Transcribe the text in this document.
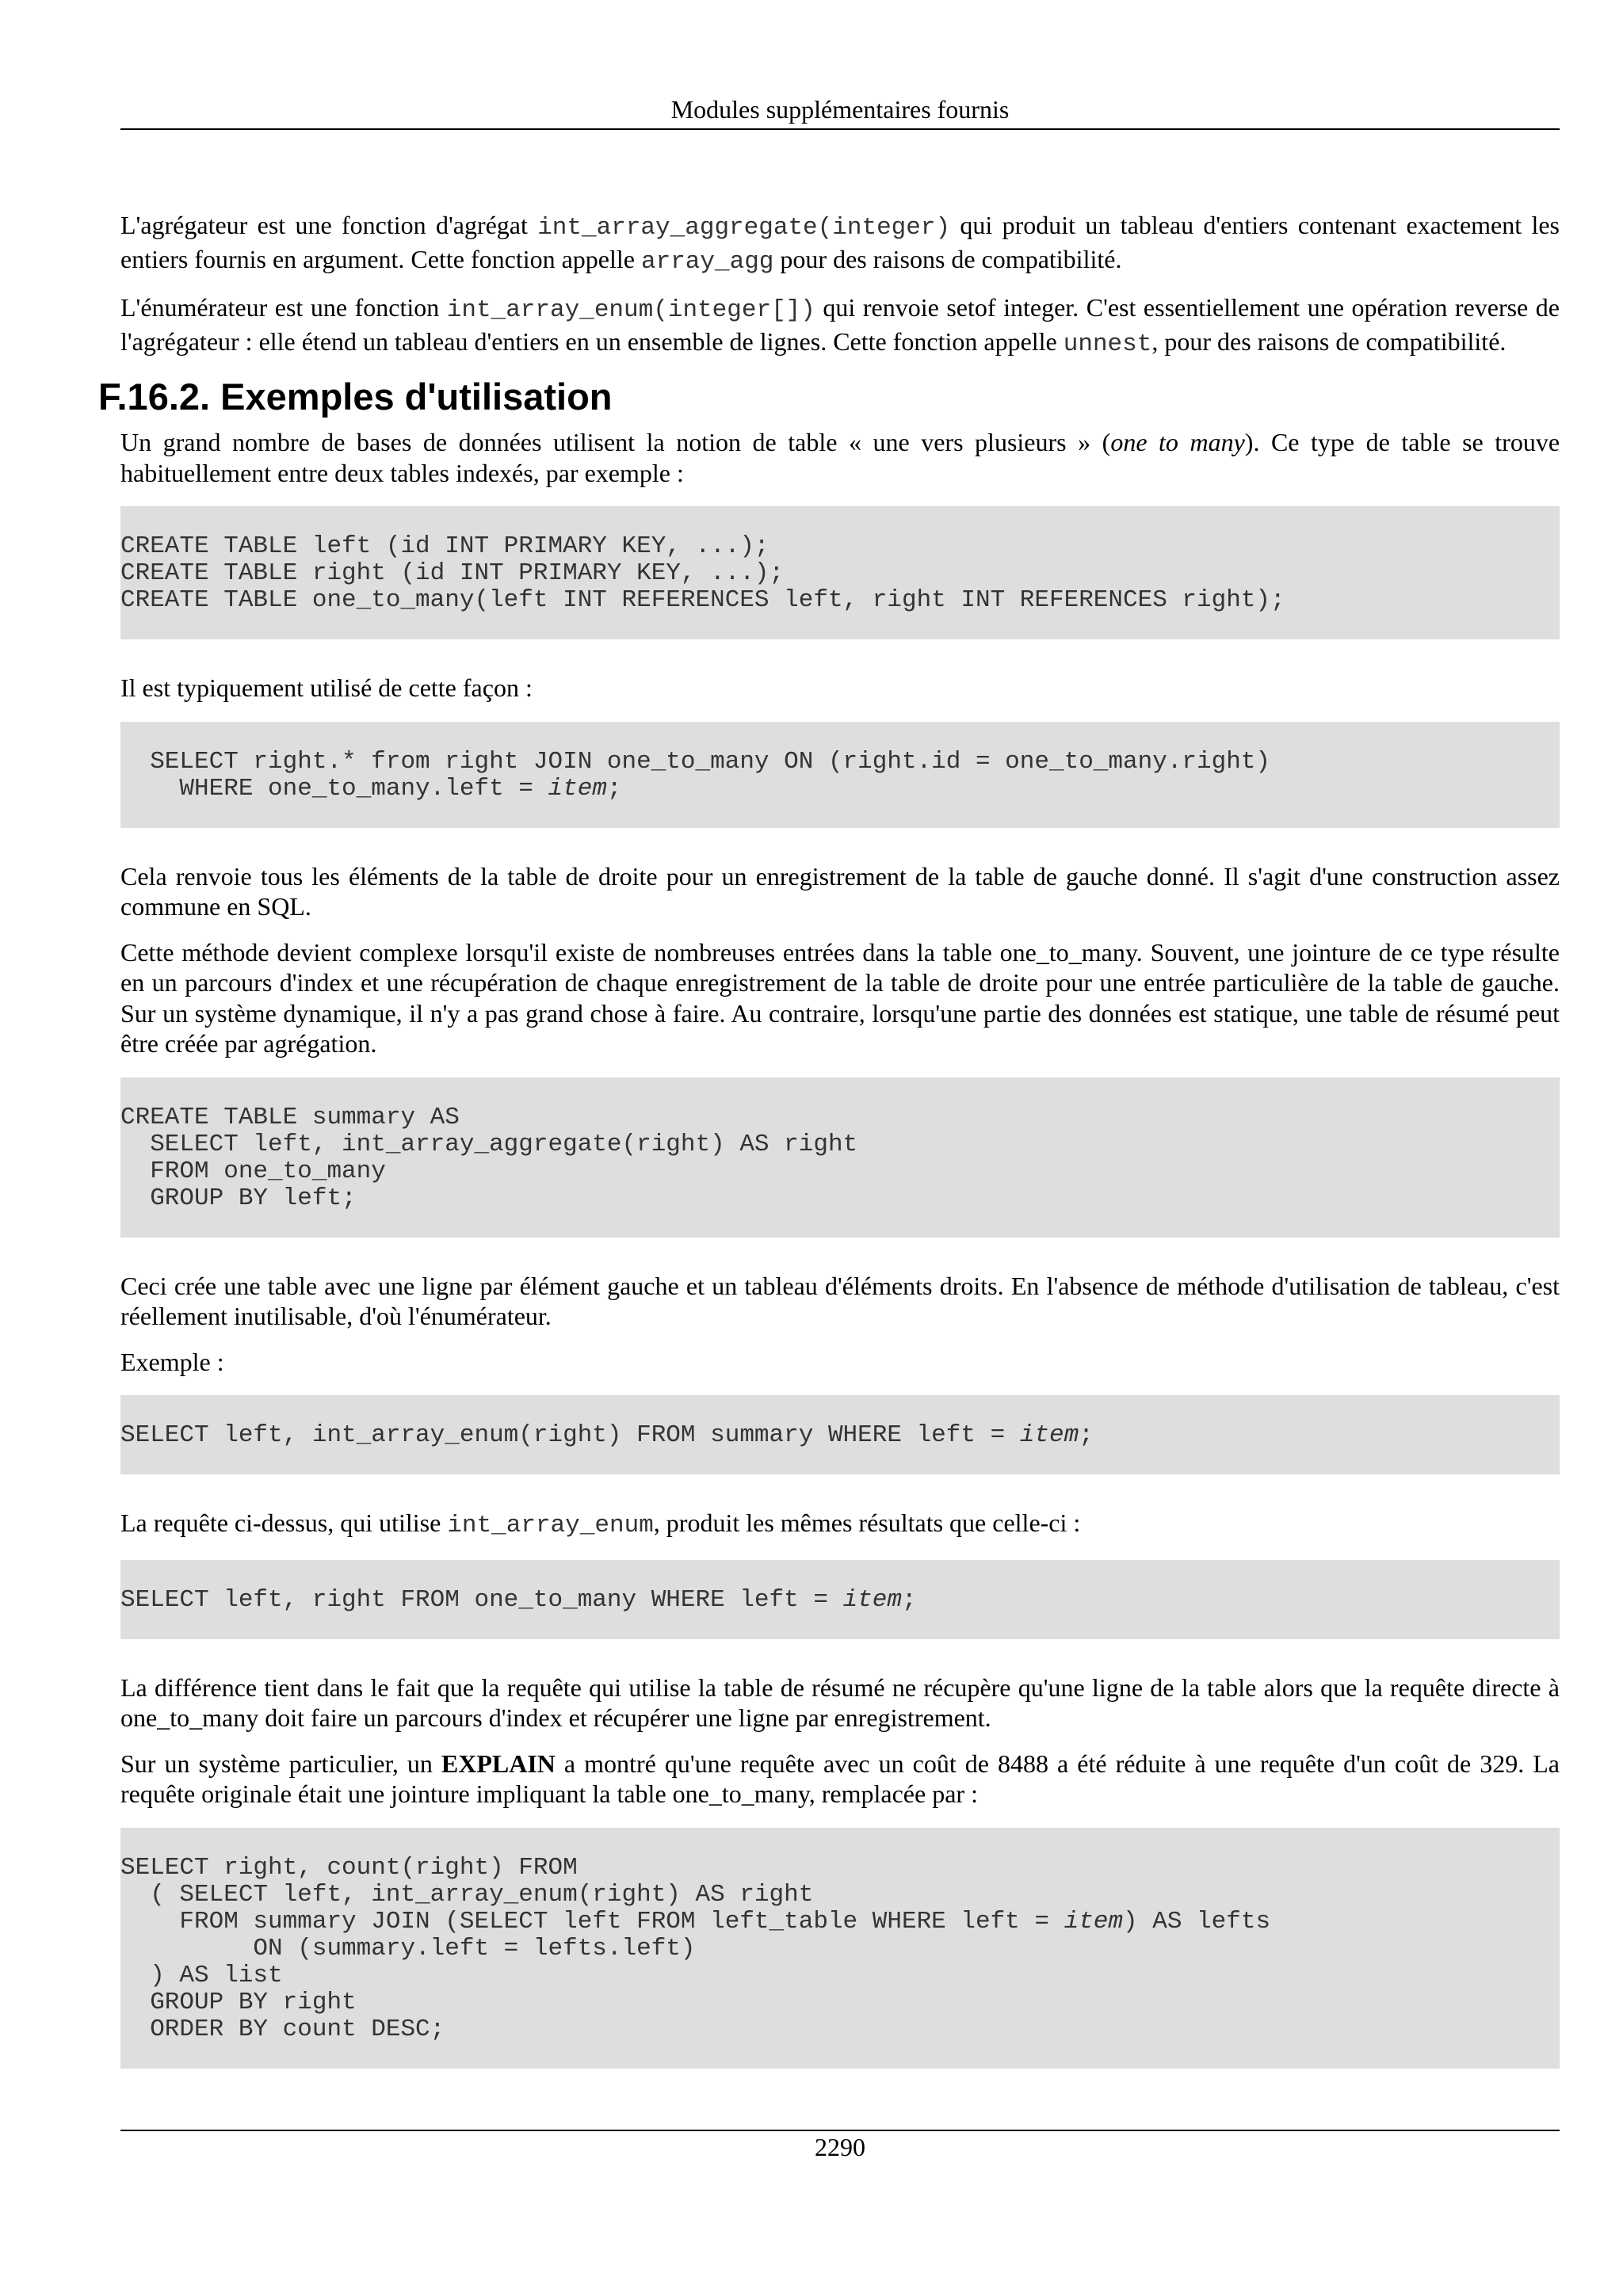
Modules supplémentaires fournis

L'agrégateur est une fonction d'agrégat int_array_aggregate(integer) qui produit un tableau d'entiers contenant exactement les entiers fournis en argument. Cette fonction appelle array_agg pour des raisons de compatibilité.

L'énumérateur est une fonction int_array_enum(integer[]) qui renvoie setof integer. C'est essentiellement une opération reverse de l'agrégateur : elle étend un tableau d'entiers en un ensemble de lignes. Cette fonction appelle unnest, pour des raisons de compatibilité.

F.16.2. Exemples d'utilisation

Un grand nombre de bases de données utilisent la notion de table « une vers plusieurs » (one to many). Ce type de table se trouve habituellement entre deux tables indexés, par exemple :

CREATE TABLE left (id INT PRIMARY KEY, ...);
CREATE TABLE right (id INT PRIMARY KEY, ...);
CREATE TABLE one_to_many(left INT REFERENCES left, right INT REFERENCES right);

Il est typiquement utilisé de cette façon :

SELECT right.* from right JOIN one_to_many ON (right.id = one_to_many.right)
WHERE one_to_many.left = item;

Cela renvoie tous les éléments de la table de droite pour un enregistrement de la table de gauche donné. Il s'agit d'une construction assez commune en SQL.

Cette méthode devient complexe lorsqu'il existe de nombreuses entrées dans la table one_to_many. Souvent, une jointure de ce type résulte en un parcours d'index et une récupération de chaque enregistrement de la table de droite pour une entrée particulière de la table de gauche. Sur un système dynamique, il n'y a pas grand chose à faire. Au contraire, lorsqu'une partie des données est statique, une table de résumé peut être créée par agrégation.

CREATE TABLE summary AS
SELECT left, int_array_aggregate(right) AS right
FROM one_to_many
GROUP BY left;

Ceci crée une table avec une ligne par élément gauche et un tableau d'éléments droits. En l'absence de méthode d'utilisation de tableau, c'est réellement inutilisable, d'où l'énumérateur.

Exemple :

SELECT left, int_array_enum(right) FROM summary WHERE left = item;

La requête ci-dessus, qui utilise int_array_enum, produit les mêmes résultats que celle-ci :

SELECT left, right FROM one_to_many WHERE left = item;

La différence tient dans le fait que la requête qui utilise la table de résumé ne récupère qu'une ligne de la table alors que la requête directe à one_to_many doit faire un parcours d'index et récupérer une ligne par enregistrement.

Sur un système particulier, un EXPLAIN a montré qu'une requête avec un coût de 8488 a été réduite à une requête d'un coût de 329. La requête originale était une jointure impliquant la table one_to_many, remplacée par :

SELECT right, count(right) FROM
( SELECT left, int_array_enum(right) AS right
FROM summary JOIN (SELECT left FROM left_table WHERE left = item) AS lefts
ON (summary.left = lefts.left)
) AS list
GROUP BY right
ORDER BY count DESC;
2290
